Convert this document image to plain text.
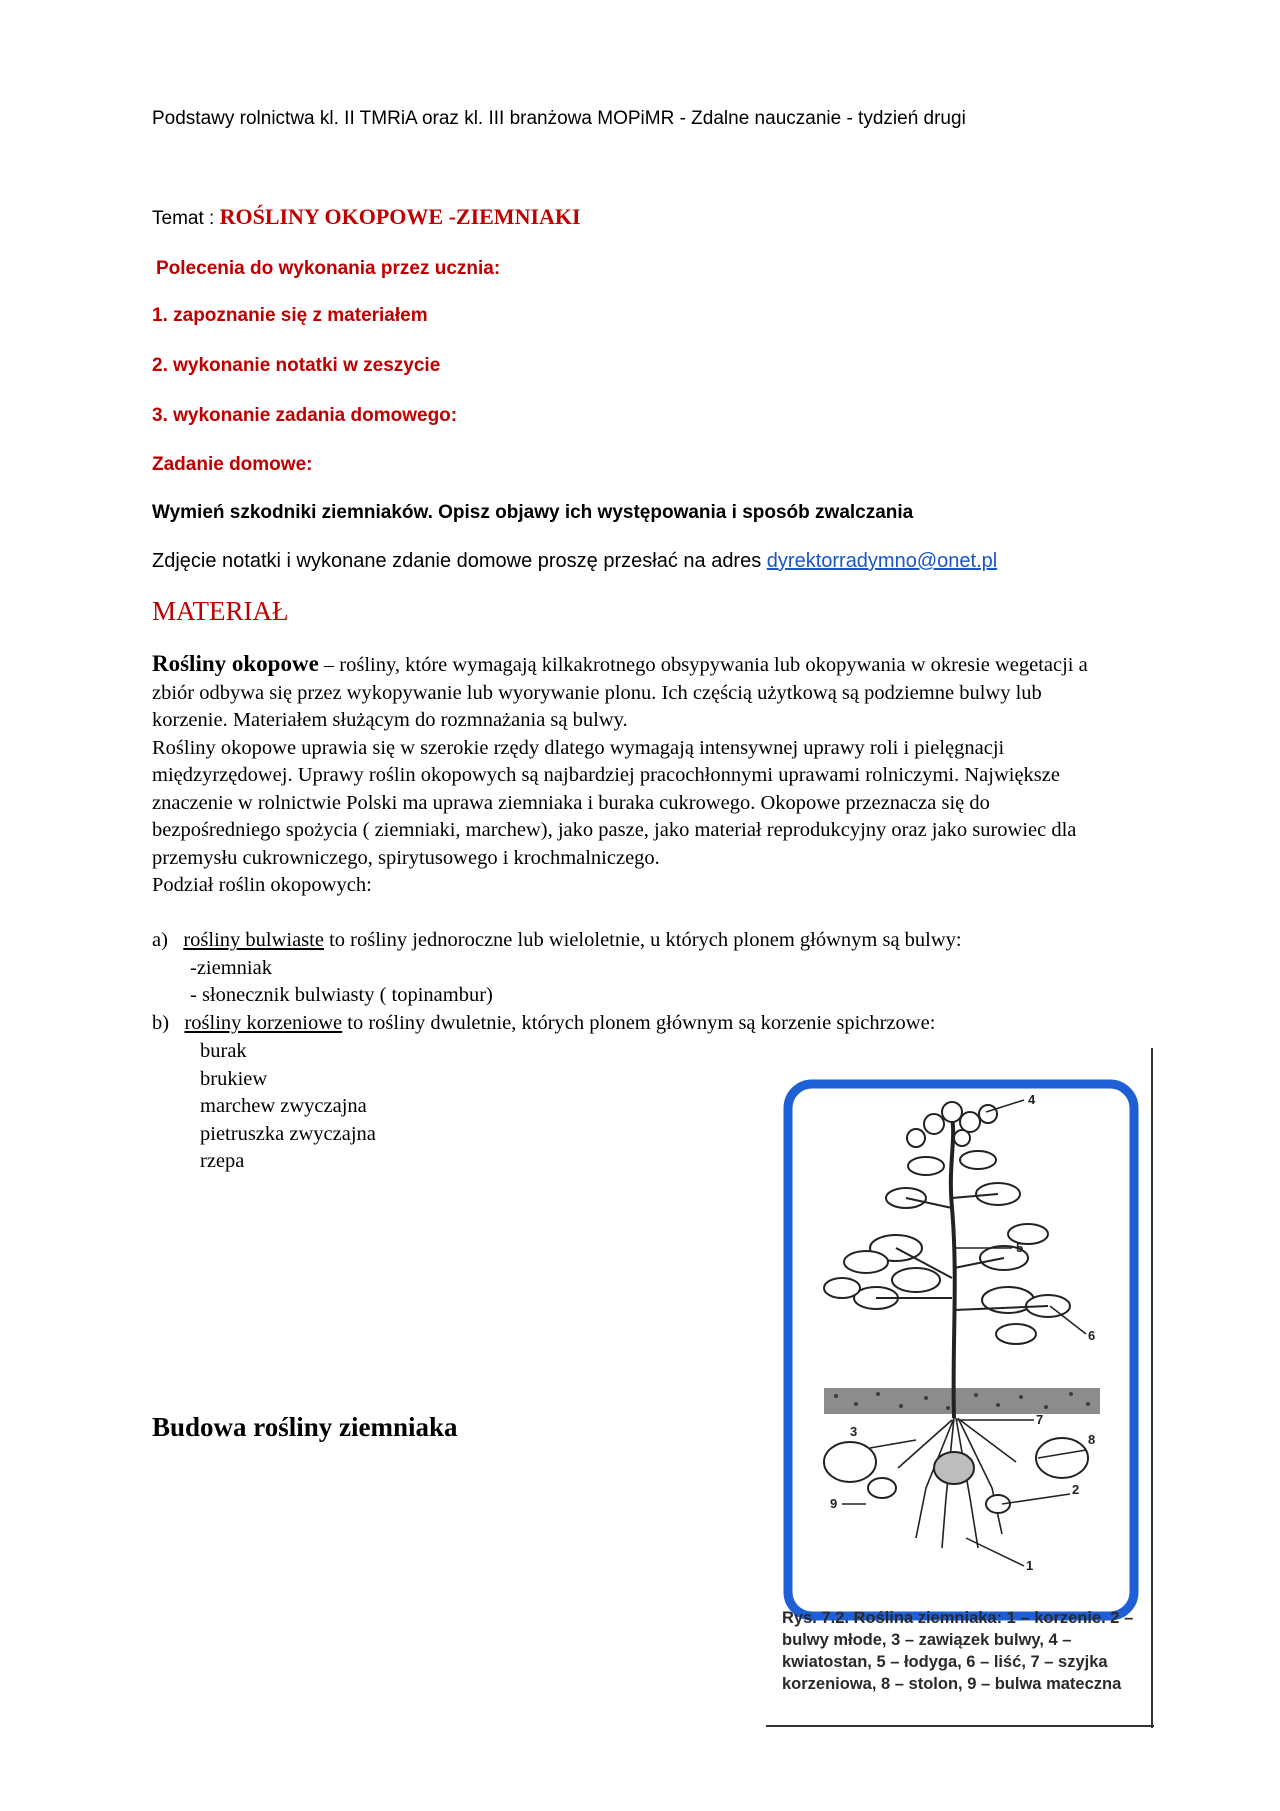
Podstawy rolnictwa kl. II TMRiA oraz kl. III branżowa MOPiMR - Zdalne nauczanie - tydzień drugi
Temat : ROŚLINY OKOPOWE -ZIEMNIAKI
Polecenia do wykonania przez ucznia:
1. zapoznanie się z materiałem
2. wykonanie notatki w zeszycie
3. wykonanie zadania domowego:
Zadanie domowe:
Wymień szkodniki ziemniaków. Opisz objawy ich występowania i sposób zwalczania
Zdjęcie notatki i wykonane zdanie domowe proszę przesłać na adres dyrektorradymno@onet.pl
MATERIAŁ

Rośliny okopowe – rośliny, które wymagają kilkakrotnego obsypywania lub okopywania w okresie wegetacji a zbiór odbywa się przez wykopywanie lub wyorywanie plonu. Ich częścią użytkową są podziemne bulwy lub korzenie. Materiałem służącym do rozmnażania są bulwy.

Rośliny okopowe uprawia się w szerokie rzędy dlatego wymagają intensywnej uprawy roli i pielęgnacji międzyrzędowej. Uprawy roślin okopowych są najbardziej pracochłonnymi uprawami rolniczymi. Największe znaczenie w rolnictwie Polski ma uprawa ziemniaka i buraka cukrowego. Okopowe przeznacza się do bezpośredniego spożycia ( ziemniaki, marchew), jako pasze, jako materiał reprodukcyjny oraz jako surowiec dla przemysłu cukrowniczego, spirytusowego i krochmalniczego.

Podział roślin okopowych:

a) rośliny bulwiaste to rośliny jednoroczne lub wieloletnie, u których plonem głównym są bulwy:
-ziemniak
- słonecznik bulwiasty ( topinambur)
b) rośliny korzeniowe to rośliny dwuletnie, których plonem głównym są korzenie spichrzowe:
burak
brukiew
marchew zwyczajna
pietruszka zwyczajna
rzepa
Budowa rośliny ziemniaka
4
5
6
7
3
8
9
2
1
Rys. 7.2. Roślina ziemniaka: 1 – korzenie. 2 – bulwy młode, 3 – zawiązek bulwy, 4 – kwiatostan, 5 – łodyga, 6 – liść, 7 – szyjka korzeniowa, 8 – stolon, 9 – bulwa mateczna
